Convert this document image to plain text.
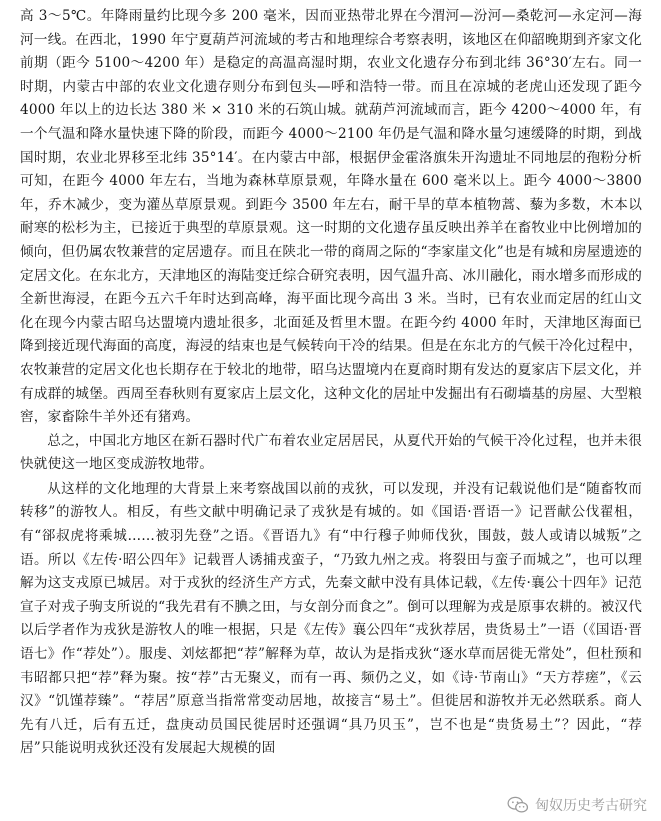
高 3～5℃。年降雨量约比现今多 200 毫米，因而亚热带北界在今渭河—汾河—桑乾河—永定河—海河一线。在西北，1990 年宁夏葫芦河流域的考古和地理综合考察表明，该地区在仰韶晚期到齐家文化前期（距今 5100～4200 年）是稳定的高温高湿时期，农业文化遗存分布到北纬 36°30′左右。同一时期，内蒙古中部的农业文化遗存则分布到包头—呼和浩特一带。而且在凉城的老虎山还发现了距今 4000 年以上的边长达 380 米 × 310 米的石筑山城。就葫芦河流域而言，距今 4200～4000 年，有一个气温和降水量快速下降的阶段，而距今 4000～2100 年仍是气温和降水量匀速缓降的时期，到战国时期，农业北界移至北纬 35°14′。在内蒙古中部，根据伊金霍洛旗朱开沟遗址不同地层的孢粉分析可知，在距今 4000 年左右，当地为森林草原景观，年降水量在 600 毫米以上。距今 4000～3800 年，乔木减少，变为灌丛草原景观。到距今 3500 年左右，耐干旱的草本植物蒿、藜为多数，木本以耐寒的松杉为主，已接近于典型的草原景观。这一时期的文化遗存虽反映出养羊在畜牧业中比例增加的倾向，但仍属农牧兼营的定居遗存。而且在陕北一带的商周之际的“李家崖文化”也是有城和房屋遗迹的定居文化。在东北方，天津地区的海陆变迁综合研究表明，因气温升高、冰川融化，雨水增多而形成的全新世海浸，在距今五六千年时达到高峰，海平面比现今高出 3 米。当时，已有农业而定居的红山文化在现今内蒙古昭乌达盟境内遗址很多，北面延及哲里木盟。在距今约 4000 年时，天津地区海面已降到接近现代海面的高度，海浸的结束也是气候转向干冷的结果。但是在东北方的气候干冷化过程中，农牧兼营的定居文化也长期存在于较北的地带，昭乌达盟境内在夏商时期有发达的夏家店下层文化，并有成群的城堡。西周至春秋则有夏家店上层文化，这种文化的居址中发掘出有石砌墙基的房屋、大型粮窖，家畜除牛羊外还有猪鸡。

总之，中国北方地区在新石器时代广布着农业定居居民，从夏代开始的气候干冷化过程，也并未很快就使这一地区变成游牧地带。

从这样的文化地理的大背景上来考察战国以前的戎狄，可以发现，并没有记载说他们是“随畜牧而转移”的游牧人。相反，有些文献中明确记录了戎狄是有城的。如《国语·晋语一》记晋献公伐翟柤，有“郤叔虎将乘城……被羽先登”之语。《晋语九》有“中行穆子帅师伐狄，围鼓，鼓人或请以城叛”之语。所以《左传·昭公四年》记载晋人诱捕戎蛮子，“乃致九州之戎。将裂田与蛮子而城之”，也可以理解为这支戎原已城居。对于戎狄的经济生产方式，先秦文献中没有具体记载，《左传·襄公十四年》记范宣子对戎子驹支所说的“我先君有不腆之田，与女剖分而食之”。倒可以理解为戎是原事农耕的。被汉代以后学者作为戎狄是游牧人的唯一根据，只是《左传》襄公四年“戎狄荐居，贵货易土”一语（《国语·晋语七》作“荐处”）。服虔、刘炫都把“荐”解释为草，故认为是指戎狄“逐水草而居徙无常处”，但杜预和韦昭都只把“荐”释为聚。按“荐”古无聚义，而有一再、频仍之义，如《诗·节南山》“天方荐瘥”，《云汉》“饥馑荐臻”。“荐居”原意当指常常变动居地，故接言“易土”。但徙居和游牧并无必然联系。商人先有八迁，后有五迁，盘庚动员国民徙居时还强调“具乃贝玉”，岂不也是“贵货易土”？因此，“荐居”只能说明戎狄还没有发展起大规模的固

匈奴历史考古研究
